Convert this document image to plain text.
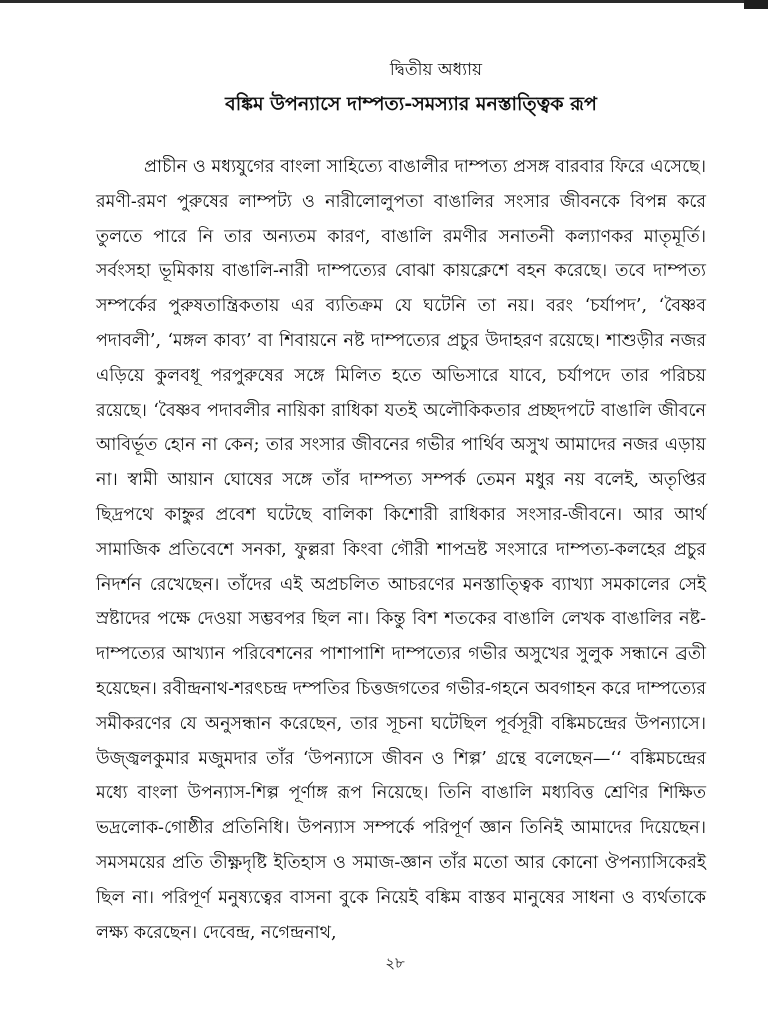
দ্বিতীয় অধ্যায়
বঙ্কিম উপন্যাসে দাম্পত্য-সমস্যার মনস্তাত্ত্বিক রূপ

প্রাচীন ও মধ্যযুগের বাংলা সাহিত্যে বাঙালীর দাম্পত্য প্রসঙ্গ বারবার ফিরে এসেছে। রমণী-রমণ পুরুষের লাম্পট্য ও নারীলোলুপতা বাঙালির সংসার জীবনকে বিপন্ন করে তুলতে পারে নি তার অন্যতম কারণ, বাঙালি রমণীর সনাতনী কল্যাণকর মাতৃমূর্তি। সর্বংসহা ভূমিকায় বাঙালি-নারী দাম্পত্যের বোঝা কায়ক্লেশে বহন করেছে। তবে দাম্পত্য সম্পর্কের পুরুষতান্ত্রিকতায় এর ব্যতিক্রম যে ঘটেনি তা নয়। বরং ‘চর্যাপদ’, ‘বৈষ্ণব পদাবলী’, ‘মঙ্গল কাব্য’ বা শিবায়নে নষ্ট দাম্পত্যের প্রচুর উদাহরণ রয়েছে। শাশুড়ীর নজর এড়িয়ে কুলবধূ পরপুরুষের সঙ্গে মিলিত হতে অভিসারে যাবে, চর্যাপদে তার পরিচয় রয়েছে। ‘বৈষ্ণব পদাবলীর নায়িকা রাধিকা যতই অলৌকিকতার প্রচ্ছদপটে বাঙালি জীবনে আবির্ভূত হোন না কেন; তার সংসার জীবনের গভীর পার্থিব অসুখ আমাদের নজর এড়ায় না। স্বামী আয়ান ঘোষের সঙ্গে তাঁর দাম্পত্য সম্পর্ক তেমন মধুর নয় বলেই, অতৃপ্তির ছিদ্রপথে কাহ্নুর প্রবেশ ঘটেছে বালিকা কিশোরী রাধিকার সংসার-জীবনে। আর আর্থ সামাজিক প্রতিবেশে সনকা, ফুল্লরা কিংবা গৌরী শাপভ্রষ্ট সংসারে দাম্পত্য-কলহের প্রচুর নিদর্শন রেখেছেন। তাঁদের এই অপ্রচলিত আচরণের মনস্তাত্ত্বিক ব্যাখ্যা সমকালের সেই স্রষ্টাদের পক্ষে দেওয়া সম্ভবপর ছিল না। কিন্তু বিশ শতকের বাঙালি লেখক বাঙালির নষ্ট-দাম্পত্যের আখ্যান পরিবেশনের পাশাপাশি দাম্পত্যের গভীর অসুখের সুলুক সন্ধানে ব্রতী হয়েছেন। রবীন্দ্রনাথ-শরৎচন্দ্র দম্পতির চিত্তজগতের গভীর-গহনে অবগাহন করে দাম্পত্যের সমীকরণের যে অনুসন্ধান করেছেন, তার সূচনা ঘটেছিল পূর্বসূরী বঙ্কিমচন্দ্রের উপন্যাসে। উজ্জ্বলকুমার মজুমদার তাঁর ‘উপন্যাসে জীবন ও শিল্প’ গ্রন্থে বলেছেন—‘‘ বঙ্কিমচন্দ্রের মধ্যে বাংলা উপন্যাস-শিল্প পূর্ণাঙ্গ রূপ নিয়েছে। তিনি বাঙালি মধ্যবিত্ত শ্রেণির শিক্ষিত ভদ্রলোক-গোষ্ঠীর প্রতিনিধি। উপন্যাস সম্পর্কে পরিপূর্ণ জ্ঞান তিনিই আমাদের দিয়েছেন। সমসময়ের প্রতি তীক্ষ্ণদৃষ্টি ইতিহাস ও সমাজ-জ্ঞান তাঁর মতো আর কোনো ঔপন্যাসিকেরই ছিল না। পরিপূর্ণ মনুষ্যত্বের বাসনা বুকে নিয়েই বঙ্কিম বাস্তব মানুষের সাধনা ও ব্যর্থতাকে লক্ষ্য করেছেন। দেবেন্দ্র, নগেন্দ্রনাথ,

২৮
